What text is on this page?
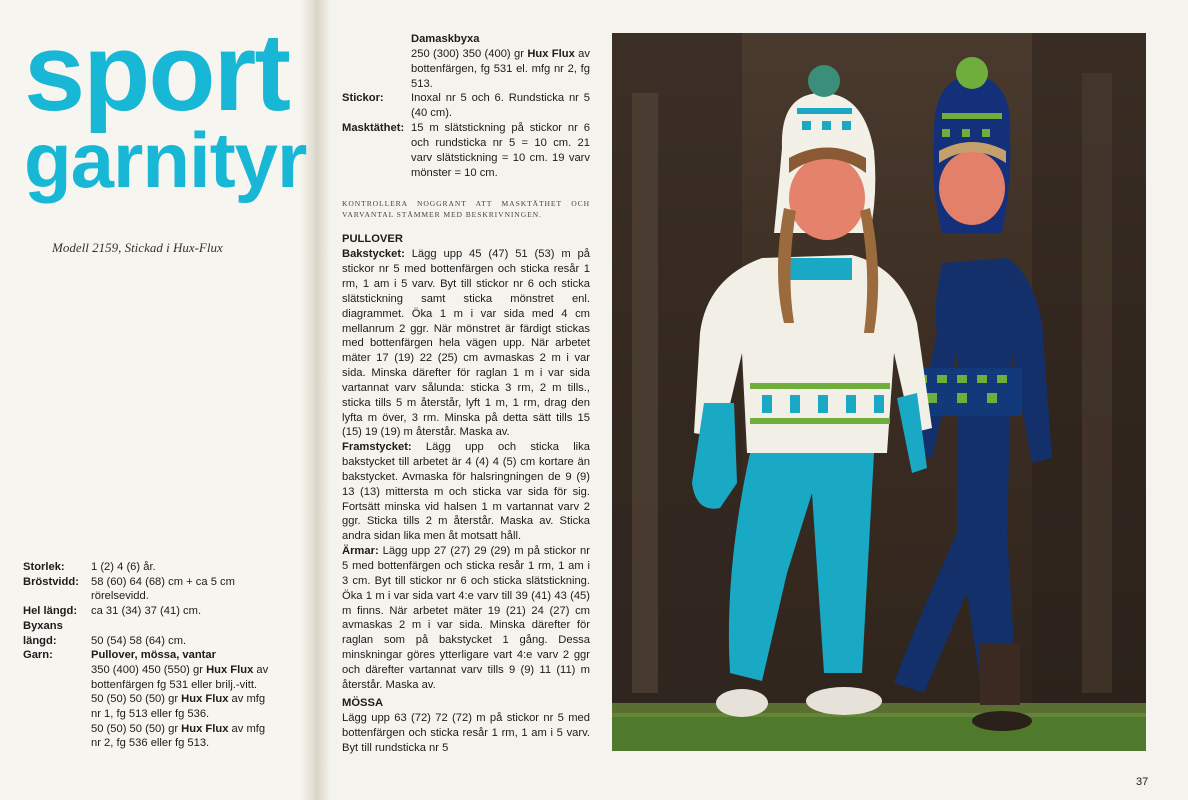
sport
garnityr
Modell 2159, Stickad i Hux-Flux
Storlek:	1 (2) 4 (6) år.
Bröstvidd:	58 (60) 64 (68) cm + ca 5 cm rörelsevidd.
Hel längd:	ca 31 (34) 37 (41) cm.
Byxans
längd:	50 (54) 58 (64) cm.
Garn:	Pullover, mössa, vantar
350 (400) 450 (550) gr Hux Flux av bottenfärgen fg 531 eller brilj.-vitt.
50 (50) 50 (50) gr Hux Flux av mfg nr 1, fg 513 eller fg 536.
50 (50) 50 (50) gr Hux Flux av mfg nr 2, fg 536 eller fg 513.
Damaskbyxa
250 (300) 350 (400) gr Hux Flux av bottenfärgen, fg 531 el. mfg nr 2, fg 513.
Stickor:	Inoxal nr 5 och 6. Rundsticka nr 5 (40 cm).
Masktäthet: 15 m slätstickning på stickor nr 6 och rundsticka nr 5 = 10 cm. 21 varv slätstickning = 10 cm. 19 varv mönster = 10 cm.
KONTROLLERA NOGGRANT ATT MASKTÄTHET OCH VARVANTAL STÄMMER MED BESKRIVNINGEN.
PULLOVER
Bakstycket: Lägg upp 45 (47) 51 (53) m på stickor nr 5 med bottenfärgen och sticka resår 1 rm, 1 am i 5 varv. Byt till stickor nr 6 och sticka slätstickning samt sticka mönstret enl. diagrammet. Öka 1 m i var sida med 4 cm mellanrum 2 ggr. När mönstret är färdigt stickas med bottenfärgen hela vägen upp. När arbetet mäter 17 (19) 22 (25) cm avmaskas 2 m i var sida. Minska därefter för raglan 1 m i var sida vartannat varv sålunda: sticka 3 rm, 2 m tills., sticka tills 5 m återstår, lyft 1 m, 1 rm, drag den lyfta m över, 3 rm. Minska på detta sätt tills 15 (15) 19 (19) m återstår. Maska av.
Framstycket: Lägg upp och sticka lika bakstycket till arbetet är 4 (4) 4 (5) cm kortare än bakstycket. Avmaska för halsringningen de 9 (9) 13 (13) mittersta m och sticka var sida för sig. Fortsätt minska vid halsen 1 m vartannat varv 2 ggr. Sticka tills 2 m återstår. Maska av. Sticka andra sidan lika men åt motsatt håll.
Ärmar: Lägg upp 27 (27) 29 (29) m på stickor nr 5 med bottenfärgen och sticka resår 1 rm, 1 am i 3 cm. Byt till stickor nr 6 och sticka slätstickning. Öka 1 m i var sida vart 4:e varv till 39 (41) 43 (45) m finns. När arbetet mäter 19 (21) 24 (27) cm avmaskas 2 m i var sida. Minska därefter för raglan som på bakstycket 1 gång. Dessa minskningar göres ytterligare vart 4:e varv 2 ggr och därefter vartannat varv tills 9 (9) 11 (11) m återstår. Maska av.
MÖSSA
Lägg upp 63 (72) 72 (72) m på stickor nr 5 med bottenfärgen och sticka resår 1 rm, 1 am i 5 varv. Byt till rundsticka nr 5
37
